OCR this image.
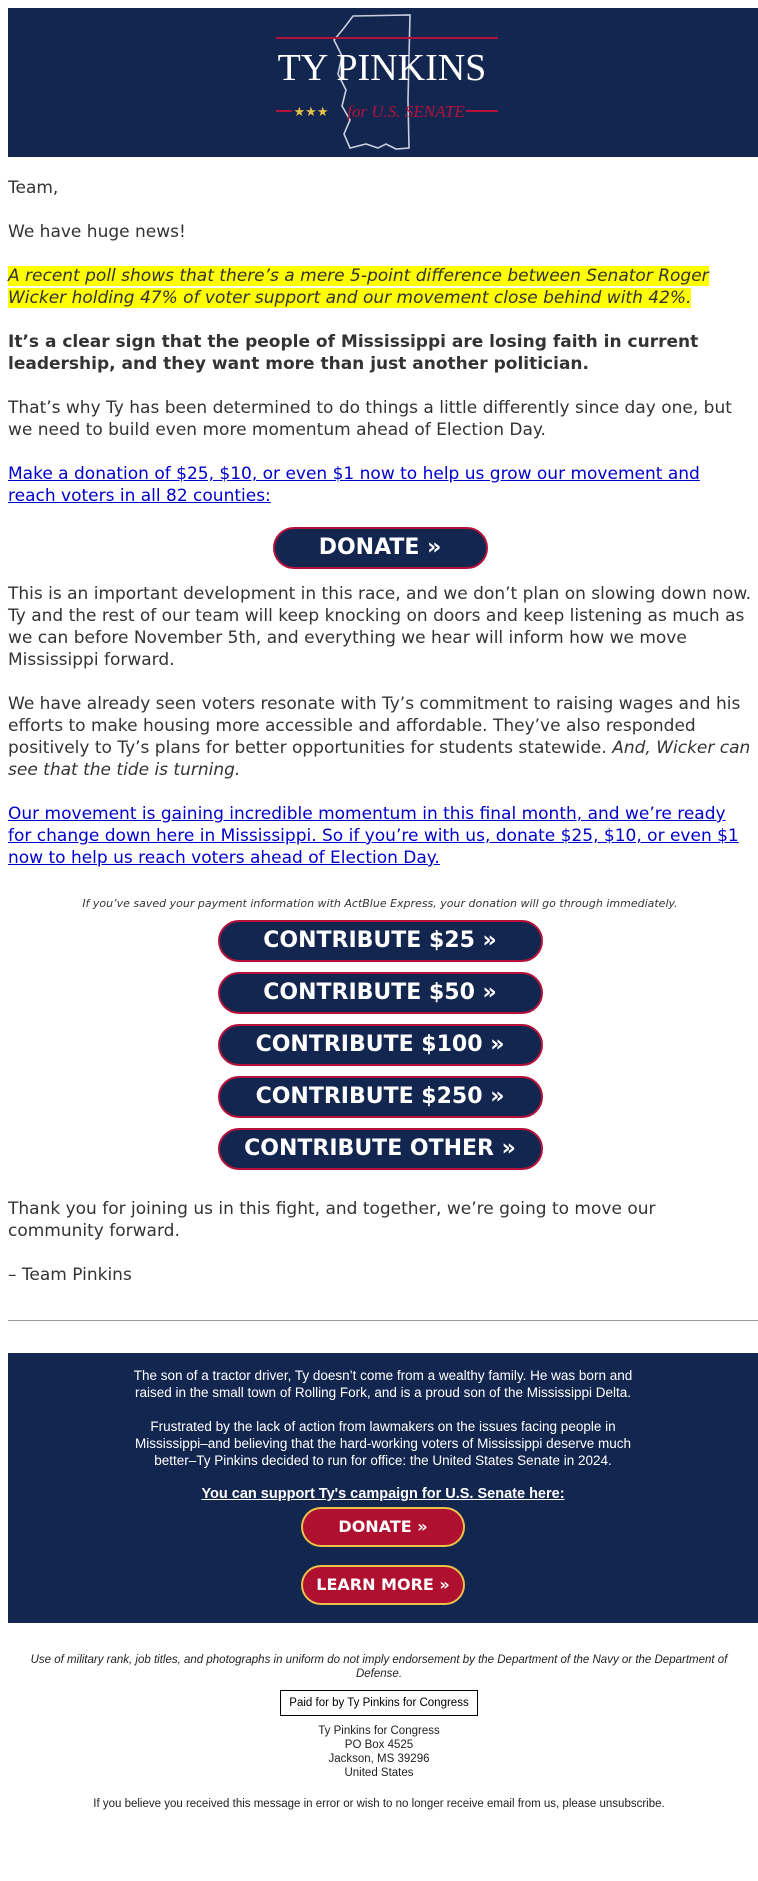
TY PINKINS
★★★ for U.S. SENATE

Team,

We have huge news!

A recent poll shows that there’s a mere 5-point difference between Senator Roger Wicker holding 47% of voter support and our movement close behind with 42%.

It’s a clear sign that the people of Mississippi are losing faith in current leadership, and they want more than just another politician.

That’s why Ty has been determined to do things a little differently since day one, but we need to build even more momentum ahead of Election Day.

Make a donation of $25, $10, or even $1 now to help us grow our movement and reach voters in all 82 counties:

DONATE »

This is an important development in this race, and we don’t plan on slowing down now. Ty and the rest of our team will keep knocking on doors and keep listening as much as we can before November 5th, and everything we hear will inform how we move Mississippi forward.

We have already seen voters resonate with Ty’s commitment to raising wages and his efforts to make housing more accessible and affordable. They’ve also responded positively to Ty’s plans for better opportunities for students statewide. And, Wicker can see that the tide is turning.

Our movement is gaining incredible momentum in this final month, and we’re ready for change down here in Mississippi. So if you’re with us, donate $25, $10, or even $1 now to help us reach voters ahead of Election Day.

If you’ve saved your payment information with ActBlue Express, your donation will go through immediately.

CONTRIBUTE $25 »
CONTRIBUTE $50 »
CONTRIBUTE $100 »
CONTRIBUTE $250 »
CONTRIBUTE OTHER »

Thank you for joining us in this fight, and together, we’re going to move our community forward.

– Team Pinkins

The son of a tractor driver, Ty doesn’t come from a wealthy family. He was born and raised in the small town of Rolling Fork, and is a proud son of the Mississippi Delta.

Frustrated by the lack of action from lawmakers on the issues facing people in Mississippi–and believing that the hard-working voters of Mississippi deserve much better–Ty Pinkins decided to run for office: the United States Senate in 2024.

You can support Ty's campaign for U.S. Senate here:

DONATE »
LEARN MORE »

Use of military rank, job titles, and photographs in uniform do not imply endorsement by the Department of the Navy or the Department of Defense.

Paid for by Ty Pinkins for Congress
Ty Pinkins for Congress
PO Box 4525
Jackson, MS 39296
United States

If you believe you received this message in error or wish to no longer receive email from us, please unsubscribe.
